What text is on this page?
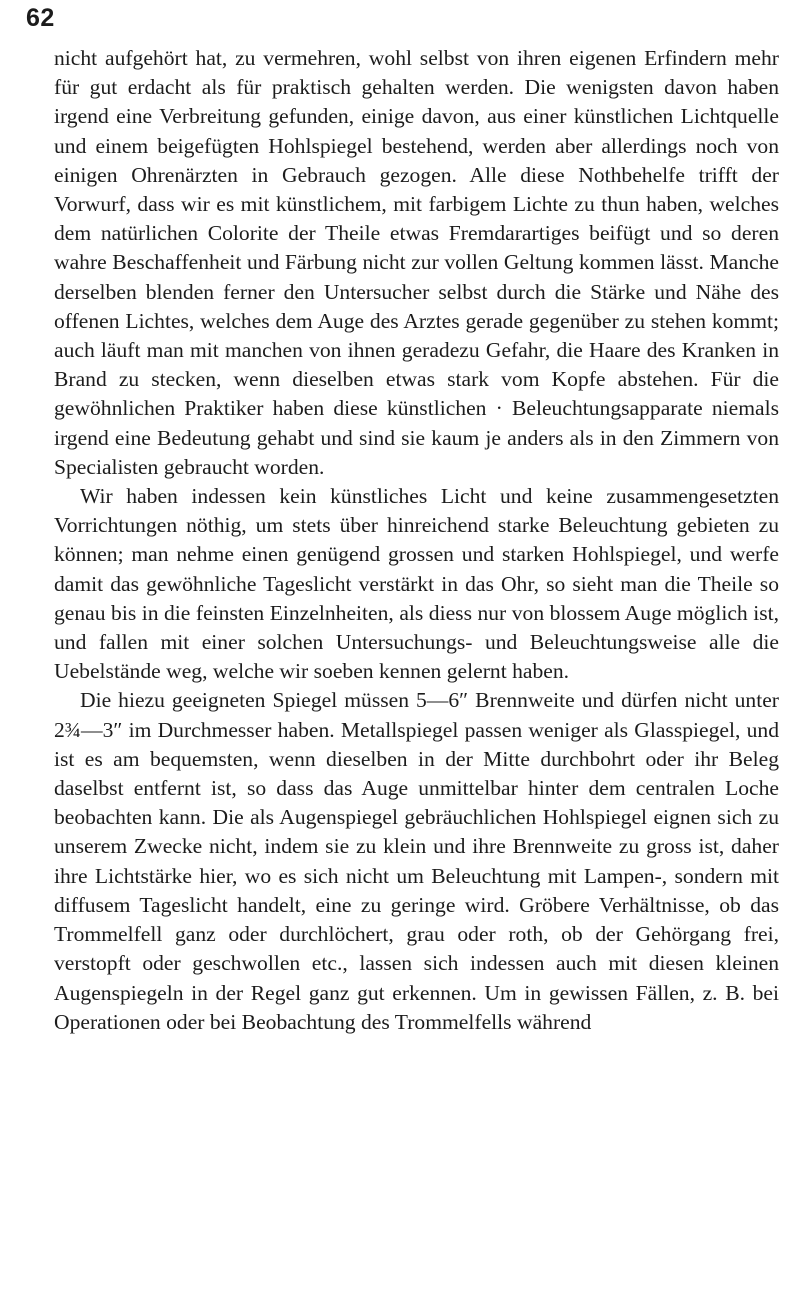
62

nicht aufgehört hat, zu vermehren, wohl selbst von ihren eigenen Erfindern mehr für gut erdacht als für praktisch gehalten werden. Die wenigsten davon haben irgend eine Verbreitung gefunden, einige davon, aus einer künstlichen Lichtquelle und einem beigefügten Hohlspiegel bestehend, werden aber allerdings noch von einigen Ohrenärzten in Gebrauch gezogen. Alle diese Nothbehelfe trifft der Vorwurf, dass wir es mit künstlichem, mit farbigem Lichte zu thun haben, welches dem natürlichen Colorite der Theile etwas Fremdarartiges beifügt und so deren wahre Beschaffenheit und Färbung nicht zur vollen Geltung kommen lässt. Manche derselben blenden ferner den Untersucher selbst durch die Stärke und Nähe des offenen Lichtes, welches dem Auge des Arztes gerade gegenüber zu stehen kommt; auch läuft man mit manchen von ihnen geradezu Gefahr, die Haare des Kranken in Brand zu stecken, wenn dieselben etwas stark vom Kopfe abstehen. Für die gewöhnlichen Praktiker haben diese künstlichen · Beleuchtungsapparate niemals irgend eine Bedeutung gehabt und sind sie kaum je anders als in den Zimmern von Specialisten gebraucht worden.

Wir haben indessen kein künstliches Licht und keine zusammengesetzten Vorrichtungen nöthig, um stets über hinreichend starke Beleuchtung gebieten zu können; man nehme einen genügend grossen und starken Hohlspiegel, und werfe damit das gewöhnliche Tageslicht verstärkt in das Ohr, so sieht man die Theile so genau bis in die feinsten Einzelnheiten, als diess nur von blossem Auge möglich ist, und fallen mit einer solchen Untersuchungs- und Beleuchtungsweise alle die Uebelstände weg, welche wir soeben kennen gelernt haben.

Die hiezu geeigneten Spiegel müssen 5—6″ Brennweite und dürfen nicht unter 2¾—3″ im Durchmesser haben. Metallspiegel passen weniger als Glasspiegel, und ist es am bequemsten, wenn dieselben in der Mitte durchbohrt oder ihr Beleg daselbst entfernt ist, so dass das Auge unmittelbar hinter dem centralen Loche beobachten kann. Die als Augenspiegel gebräuchlichen Hohlspiegel eignen sich zu unserem Zwecke nicht, indem sie zu klein und ihre Brennweite zu gross ist, daher ihre Lichtstärke hier, wo es sich nicht um Beleuchtung mit Lampen-, sondern mit diffusem Tageslicht handelt, eine zu geringe wird. Gröbere Verhältnisse, ob das Trommelfell ganz oder durchlöchert, grau oder roth, ob der Gehörgang frei, verstopft oder geschwollen etc., lassen sich indessen auch mit diesen kleinen Augenspiegeln in der Regel ganz gut erkennen. Um in gewissen Fällen, z. B. bei Operationen oder bei Beobachtung des Trommelfells während
